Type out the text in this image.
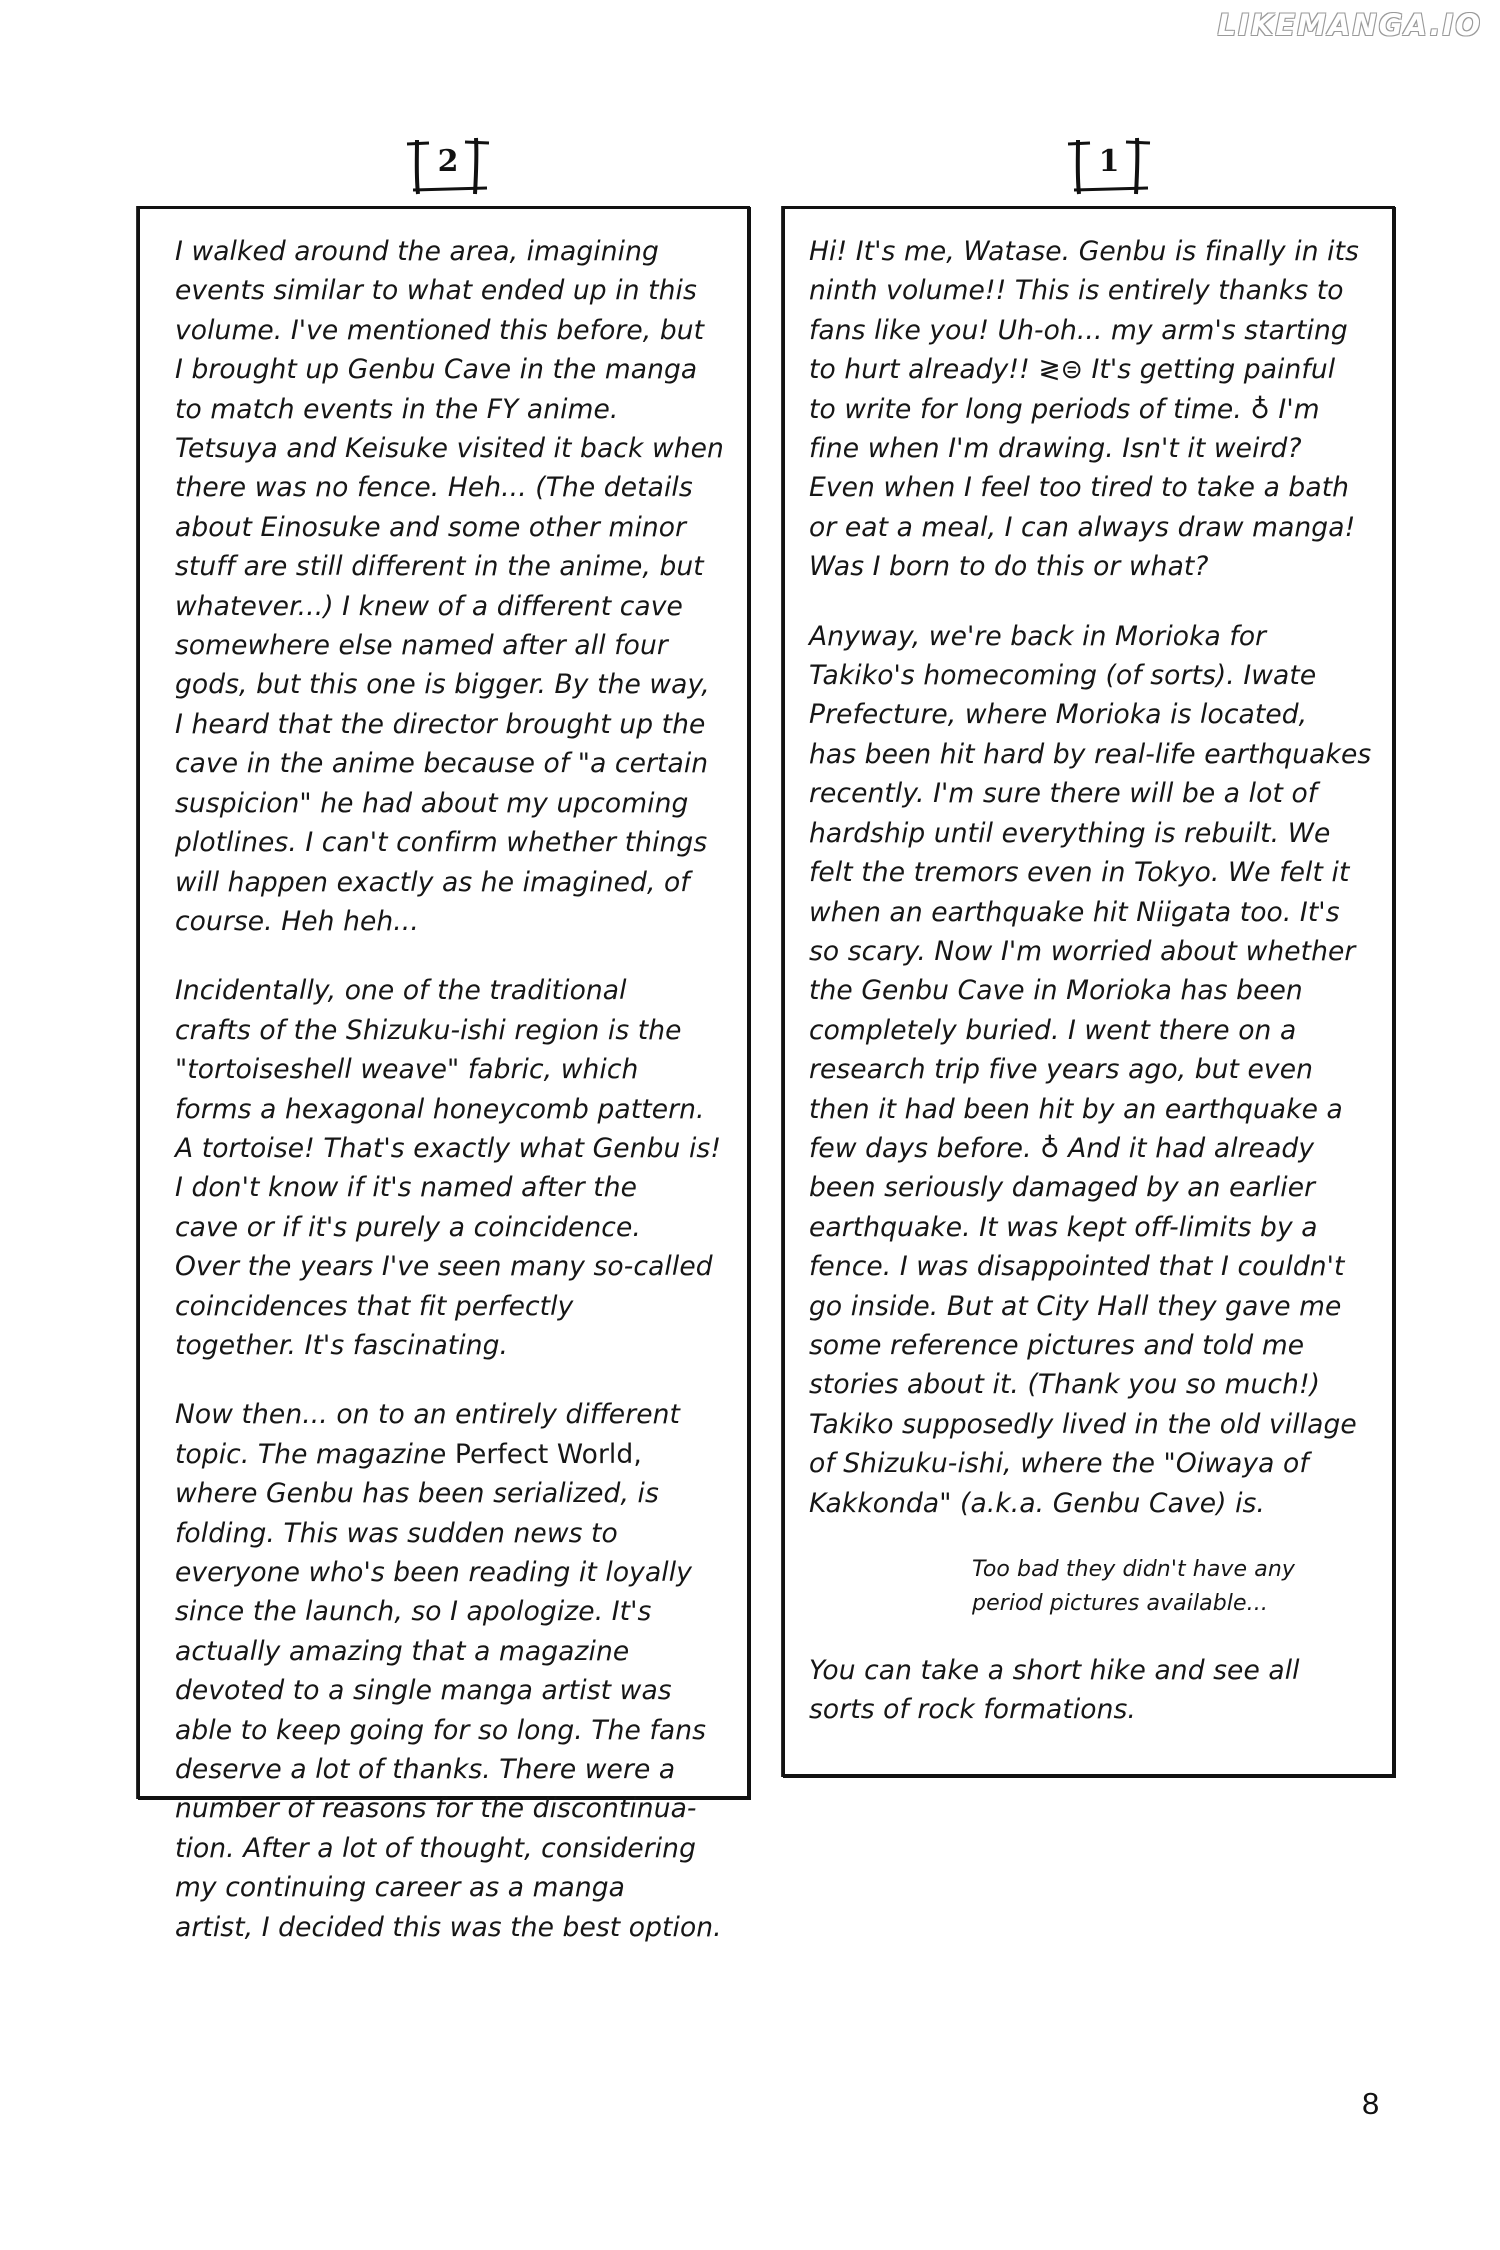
LIKEMANGA.IO
2	1

I walked around the area, imagining
events similar to what ended up in this
volume. I've mentioned this before, but
I brought up Genbu Cave in the manga
to match events in the FY anime.
Tetsuya and Keisuke visited it back when
there was no fence. Heh... (The details
about Einosuke and some other minor
stuff are still different in the anime, but
whatever...) I knew of a different cave
somewhere else named after all four
gods, but this one is bigger. By the way,
I heard that the director brought up the
cave in the anime because of "a certain
suspicion" he had about my upcoming
plotlines. I can't confirm whether things
will happen exactly as he imagined, of
course. Heh heh...

Incidentally, one of the traditional
crafts of the Shizuku-ishi region is the
"tortoiseshell weave" fabric, which
forms a hexagonal honeycomb pattern.
A tortoise! That's exactly what Genbu is!
I don't know if it's named after the
cave or if it's purely a coincidence.
Over the years I've seen many so-called
coincidences that fit perfectly
together. It's fascinating.

Now then... on to an entirely different
topic. The magazine Perfect World,
where Genbu has been serialized, is
folding. This was sudden news to
everyone who's been reading it loyally
since the launch, so I apologize. It's
actually amazing that a magazine
devoted to a single manga artist was
able to keep going for so long. The fans
deserve a lot of thanks. There were a
number of reasons for the discontinua-
tion. After a lot of thought, considering
my continuing career as a manga
artist, I decided this was the best option.

Hi! It's me, Watase. Genbu is finally in its
ninth volume!! This is entirely thanks to
fans like you! Uh-oh... my arm's starting
to hurt already!! ≷⊜ It's getting painful
to write for long periods of time. ♁ I'm
fine when I'm drawing. Isn't it weird?
Even when I feel too tired to take a bath
or eat a meal, I can always draw manga!
Was I born to do this or what?

Anyway, we're back in Morioka for
Takiko's homecoming (of sorts). Iwate
Prefecture, where Morioka is located,
has been hit hard by real-life earthquakes
recently. I'm sure there will be a lot of
hardship until everything is rebuilt. We
felt the tremors even in Tokyo. We felt it
when an earthquake hit Niigata too. It's
so scary. Now I'm worried about whether
the Genbu Cave in Morioka has been
completely buried. I went there on a
research trip five years ago, but even
then it had been hit by an earthquake a
few days before. ♁ And it had already
been seriously damaged by an earlier
earthquake. It was kept off-limits by a
fence. I was disappointed that I couldn't
go inside. But at City Hall they gave me
some reference pictures and told me
stories about it. (Thank you so much!)
Takiko supposedly lived in the old village
of Shizuku-ishi, where the "Oiwaya of
Kakkonda" (a.k.a. Genbu Cave) is.

Too bad they didn't have any
period pictures available...

You can take a short hike and see all
sorts of rock formations.

8
